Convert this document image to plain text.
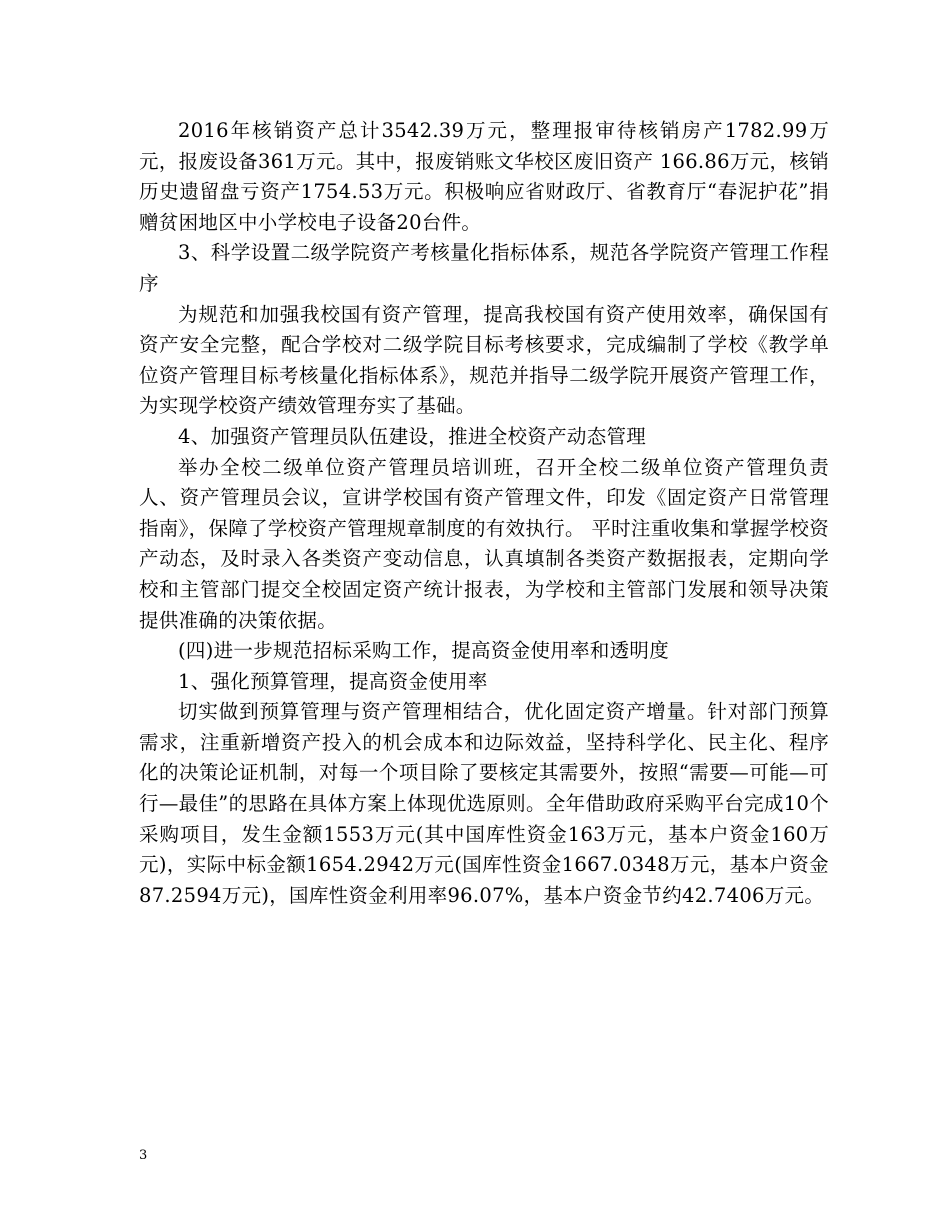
2016年核销资产总计3542.39万元，整理报审待核销房产1782.99万元，报废设备361万元。其中，报废销账文华校区废旧资产 166.86万元，核销历史遗留盘亏资产1754.53万元。积极响应省财政厅、省教育厅“春泥护花”捐赠贫困地区中小学校电子设备20台件。

3、科学设置二级学院资产考核量化指标体系，规范各学院资产管理工作程序

为规范和加强我校国有资产管理，提高我校国有资产使用效率，确保国有资产安全完整，配合学校对二级学院目标考核要求，完成编制了学校《教学单位资产管理目标考核量化指标体系》，规范并指导二级学院开展资产管理工作，为实现学校资产绩效管理夯实了基础。

4、加强资产管理员队伍建设，推进全校资产动态管理

举办全校二级单位资产管理员培训班，召开全校二级单位资产管理负责人、资产管理员会议，宣讲学校国有资产管理文件，印发《固定资产日常管理指南》，保障了学校资产管理规章制度的有效执行。 平时注重收集和掌握学校资产动态，及时录入各类资产变动信息，认真填制各类资产数据报表，定期向学校和主管部门提交全校固定资产统计报表，为学校和主管部门发展和领导决策提供准确的决策依据。

(四)进一步规范招标采购工作，提高资金使用率和透明度

1、强化预算管理，提高资金使用率

切实做到预算管理与资产管理相结合，优化固定资产增量。针对部门预算需求，注重新增资产投入的机会成本和边际效益，坚持科学化、民主化、程序化的决策论证机制，对每一个项目除了要核定其需要外，按照“需要—可能—可行—最佳”的思路在具体方案上体现优选原则。全年借助政府采购平台完成10个采购项目，发生金额1553万元(其中国库性资金163万元，基本户资金160万元)，实际中标金额1654.2942万元(国库性资金1667.0348万元，基本户资金87.2594万元)，国库性资金利用率96.07%，基本户资金节约42.7406万元。

3
